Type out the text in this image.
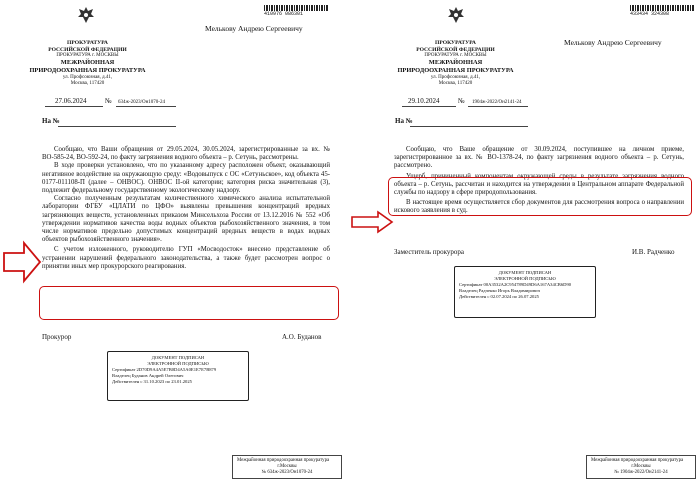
ПРОКУРАТУРА
РОССИЙСКОЙ ФЕДЕРАЦИИ
ПРОКУРАТУРА г. МОСКВЫ
МЕЖРАЙОННАЯ
ПРИРОДООХРАННАЯ ПРОКУРАТУРА
ул. Профсоюзная, д.41,
Москва, 117420
410976 086301
Мелькову Андрею Сергеевичу
27.06.2024	№ 634ж-2023/Он1070-24
На №

Сообщаю, что Ваши обращения от 29.05.2024, 30.05.2024, зарегистрированные за вх. № ВО-585-24, ВО-592-24, по факту загрязнения водного объекта – р. Сетунь, рассмотрены.

В ходе проверки установлено, что по указанному адресу расположен объект, оказывающий негативное воздействие на окружающую среду: «Водовыпуск с ОС «Сетуньское», код объекта 45-0177-011108-П (далее – ОНВОС). ОНВОС II-ой категории; категория риска значительная (3), подлежит федеральному государственному экологическому надзору.

Согласно полученным результатам количественного химического анализа испытательной лаборатории ФГБУ «ЦЛАТИ по ЦФО» выявлены превышения концентраций вредных загрязняющих веществ, установленных приказом Минсельхоза России от 13.12.2016 № 552 «Об утверждении нормативов качества воды водных объектов рыбохозяйственного значения, в том числе нормативов предельно допустимых концентраций вредных веществ в водах водных объектов рыбохозяйственного значения».

С учетом изложенного, руководителю ГУП «Мосводосток» внесено представление об устранении нарушений федерального законодательства, а также будет рассмотрен вопрос о принятии иных мер прокурорского реагирования.

Прокурор	А.О. Буданов
ДОКУМЕНТ ПОДПИСАН
ЭЛЕКТРОННОЙ ПОДПИСЬЮ
Сертификат 2D70D9A4A5E7B0D4A5A0E1E7E7B879
Владелец Буданов Андрей Олегович
Действителен с 31.10.2023 по 23.01.2025
Межрайонная природоохранная прокуратура
г.Москвы
№ 634ж-2023/Он1070-24
ПРОКУРАТУРА
РОССИЙСКОЙ ФЕДЕРАЦИИ
ПРОКУРАТУРА г. МОСКВЫ
МЕЖРАЙОННАЯ
ПРИРОДООХРАННАЯ ПРОКУРАТУРА
ул. Профсоюзная, д.41,
Москва, 117420
433434 324308
Мелькову Андрею Сергеевичу
29.10.2024	№ 1904ж-2022/Он2141-24
На №

Сообщаю, что Ваше обращение от 30.09.2024, поступившее на личном приеме, зарегистрированное за вх. № ВО-1378-24, по факту загрязнения водного объекта – р. Сетунь, рассмотрено.

Ущерб, причиненный компонентам окружающей среды в результате загрязнения водного объекта – р. Сетунь, рассчитан и находится на утверждении в Центральном аппарате Федеральной службы по надзору в сфере природопользования.

В настоящее время осуществляется сбор документов для рассмотрения вопроса о направлении искового заявления в суд.

Заместитель прокурора	И.В. Радченко
ДОКУМЕНТ ПОДПИСАН
ЭЛЕКТРОННОЙ ПОДПИСЬЮ
Сертификат 00A3532A2C954789D49D6A167A34CB6D90
Владелец Радченко Игорь Владимирович
Действителен с 02.07.2024 по 26.07.2025
Межрайонная природоохранная прокуратура
г.Москвы
№ 1904ж-2022/Он2141-24
